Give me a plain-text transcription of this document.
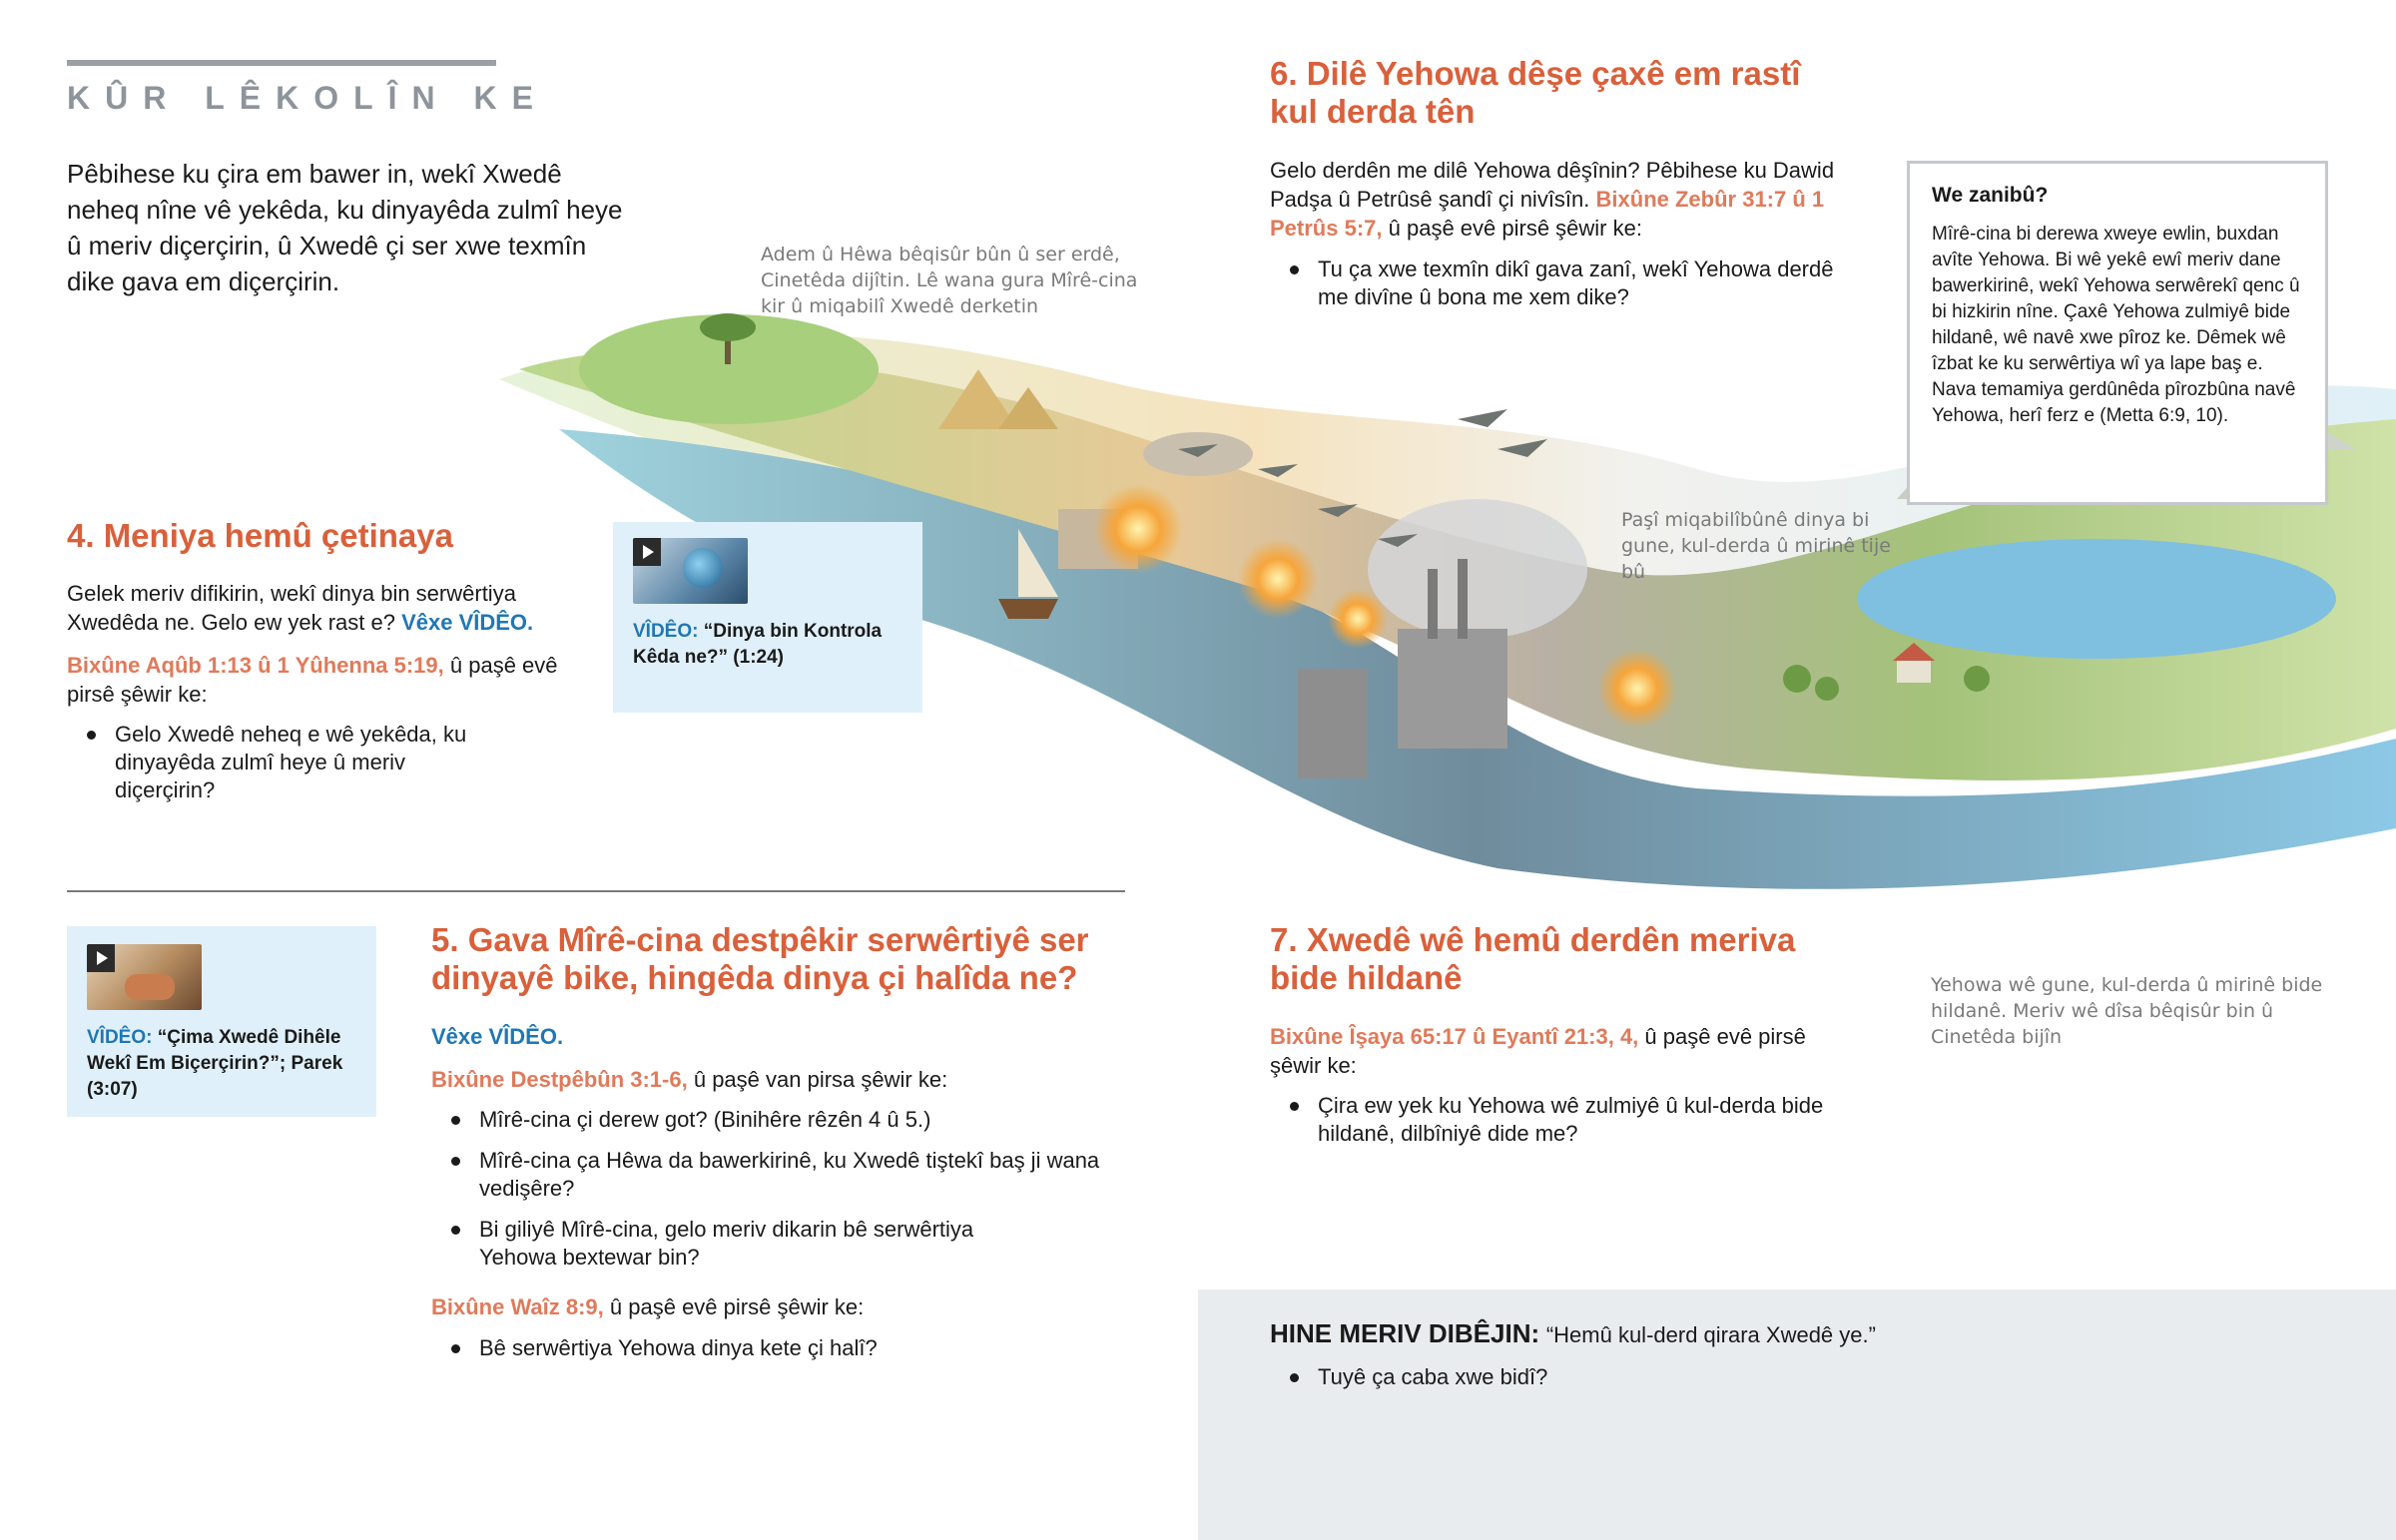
KÛR LÊKOLÎN KE
Pêbihese ku çira em bawer in, wekî Xwedê neheq nîne vê yekêda, ku dinyayêda zulmî heye û meriv diçerçirin, û Xwedê çi ser xwe texmîn dike gava em diçerçirin.
Adem û Hêwa bêqisûr bûn û ser erdê, Cinetêda dijîtin. Lê wana gura Mîrê-cina kir û miqabilî Xwedê derketin
Paşî miqabilîbûnê dinya bi gune, kul-derda û mirinê tije bû
Yehowa wê gune, kul-derda û mirinê bide hildanê. Meriv wê dîsa bêqisûr bin û Cinetêda bijîn
4. Meniya hemû çetinaya
Gelek meriv difikirin, wekî dinya bin serwêrtiya Xwedêda ne. Gelo ew yek rast e? Vêxe VÎDÊO.
Bixûne Aqûb 1:13 û 1 Yûhenna 5:19, û paşê evê pirsê şêwir ke:
Gelo Xwedê neheq e wê yekêda, ku dinyayêda zulmî heye û meriv diçerçirin?
VÎDÊO: “Dinya bin Kontrola Kêda ne?” (1:24)
VÎDÊO: “Çima Xwedê Dihêle Wekî Em Biçerçirin?”; Parek (3:07)
5. Gava Mîrê-cina destpêkir serwêrtiyê ser dinyayê bike, hingêda dinya çi halîda ne?
Vêxe VÎDÊO.
Bixûne Destpêbûn 3:1-6, û paşê van pirsa şêwir ke:
Mîrê-cina çi derew got? (Binihêre rêzên 4 û 5.)
Mîrê-cina ça Hêwa da bawerkirinê, ku Xwedê tiştekî baş ji wana vedişêre?
Bi giliyê Mîrê-cina, gelo meriv dikarin bê serwêrtiya Yehowa bextewar bin?
Bixûne Waîz 8:9, û paşê evê pirsê şêwir ke:
Bê serwêrtiya Yehowa dinya kete çi halî?
6. Dilê Yehowa dêşe çaxê em rastî kul derda tên
Gelo derdên me dilê Yehowa dêşînin? Pêbihese ku Dawid Padşa û Petrûsê şandî çi nivîsîn. Bixûne Zebûr 31:7 û 1 Petrûs 5:7, û paşê evê pirsê şêwir ke:
Tu ça xwe texmîn dikî gava zanî, wekî Yehowa derdê me divîne û bona me xem dike?
We zanibû?
Mîrê-cina bi derewa xweye ewlin, buxdan avîte Yehowa. Bi wê yekê ewî meriv dane bawerkirinê, wekî Yehowa serwêrekî qenc û bi hizkirin nîne. Çaxê Yehowa zulmiyê bide hildanê, wê navê xwe pîroz ke. Dêmek wê îzbat ke ku serwêrtiya wî ya lape baş e. Nava temamiya gerdûnêda pîrozbûna navê Yehowa, herî ferz e (Metta 6:9, 10).
7. Xwedê wê hemû derdên meriva bide hildanê
Bixûne Îşaya 65:17 û Eyantî 21:3, 4, û paşê evê pirsê şêwir ke:
Çira ew yek ku Yehowa wê zulmiyê û kul-derda bide hildanê, dilbîniyê dide me?
HINE MERIV DIBÊJIN: “Hemû kul-derd qirara Xwedê ye.”
Tuyê ça caba xwe bidî?
